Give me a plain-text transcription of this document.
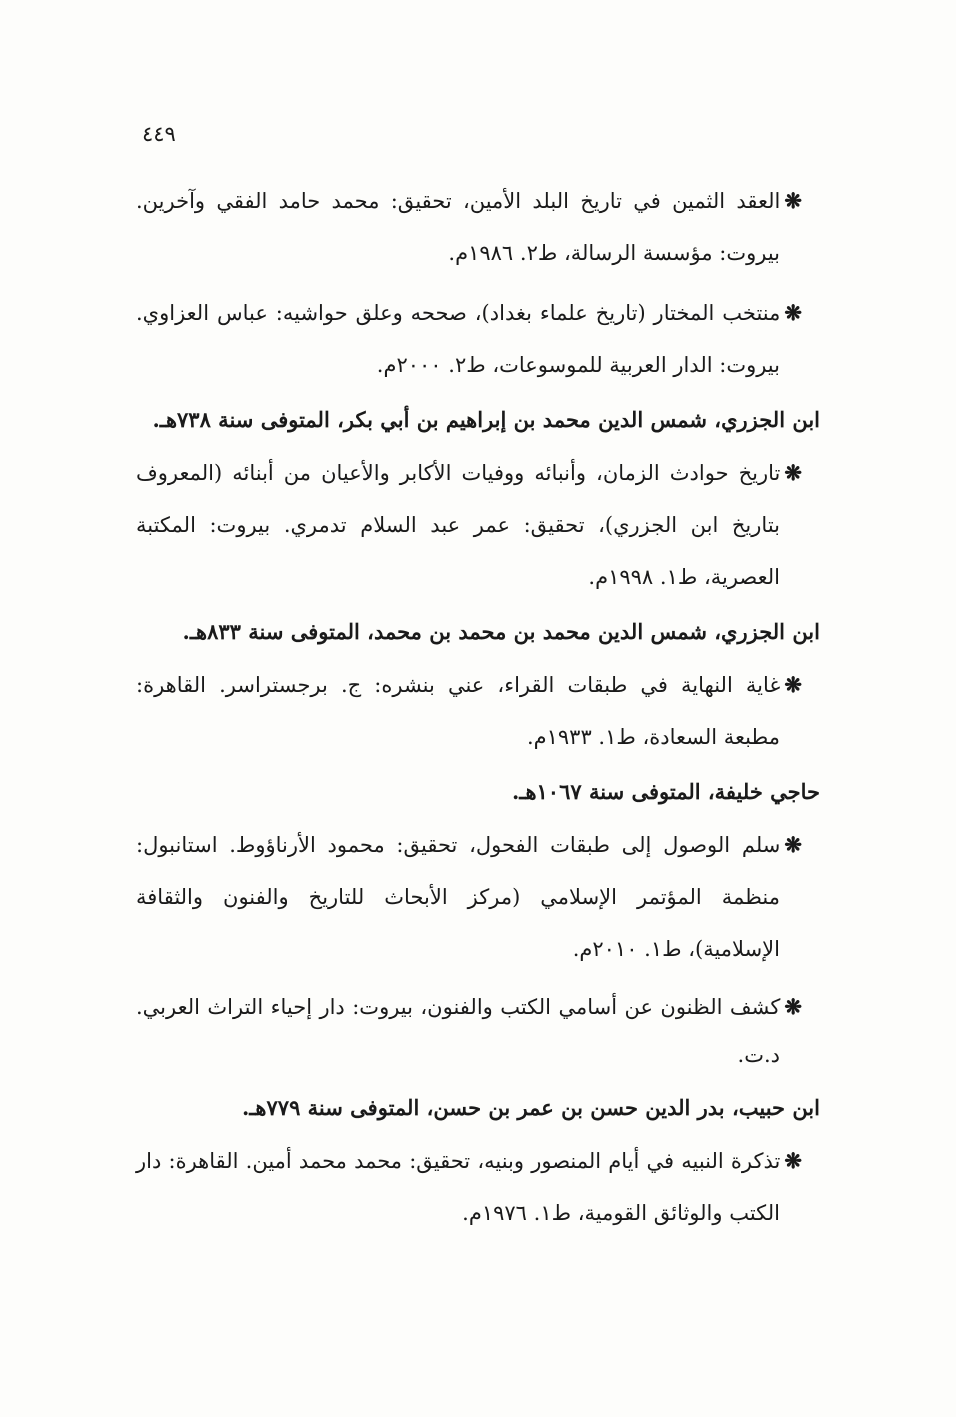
٤٤٩

❋العقد الثمين في تاريخ البلد الأمين، تحقيق: محمد حامد الفقي وآخرين. بيروت: مؤسسة الرسالة، ط٢. ١٩٨٦م.

❋منتخب المختار (تاريخ علماء بغداد)، صححه وعلق حواشيه: عباس العزاوي. بيروت: الدار العربية للموسوعات، ط٢. ٢٠٠٠م.

ابن الجزري، شمس الدين محمد بن إبراهيم بن أبي بكر، المتوفى سنة ٧٣٨هـ.

❋تاريخ حوادث الزمان، وأنبائه ووفيات الأكابر والأعيان من أبنائه (المعروف بتاريخ ابن الجزري)، تحقيق: عمر عبد السلام تدمري. بيروت: المكتبة العصرية، ط١. ١٩٩٨م.

ابن الجزري، شمس الدين محمد بن محمد بن محمد، المتوفى سنة ٨٣٣هـ.

❋غاية النهاية في طبقات القراء، عني بنشره: ج. برجستراسر. القاهرة: مطبعة السعادة، ط١. ١٩٣٣م.

حاجي خليفة، المتوفى سنة ١٠٦٧هـ.

❋سلم الوصول إلى طبقات الفحول، تحقيق: محمود الأرناؤوط. استانبول: منظمة المؤتمر الإسلامي (مركز الأبحاث للتاريخ والفنون والثقافة الإسلامية)، ط١. ٢٠١٠م.

❋كشف الظنون عن أسامي الكتب والفنون، بيروت: دار إحياء التراث العربي. د.ت.

ابن حبيب، بدر الدين حسن بن عمر بن حسن، المتوفى سنة ٧٧٩هـ.

❋تذكرة النبيه في أيام المنصور وبنيه، تحقيق: محمد محمد أمين. القاهرة: دار الكتب والوثائق القومية، ط١. ١٩٧٦م.
